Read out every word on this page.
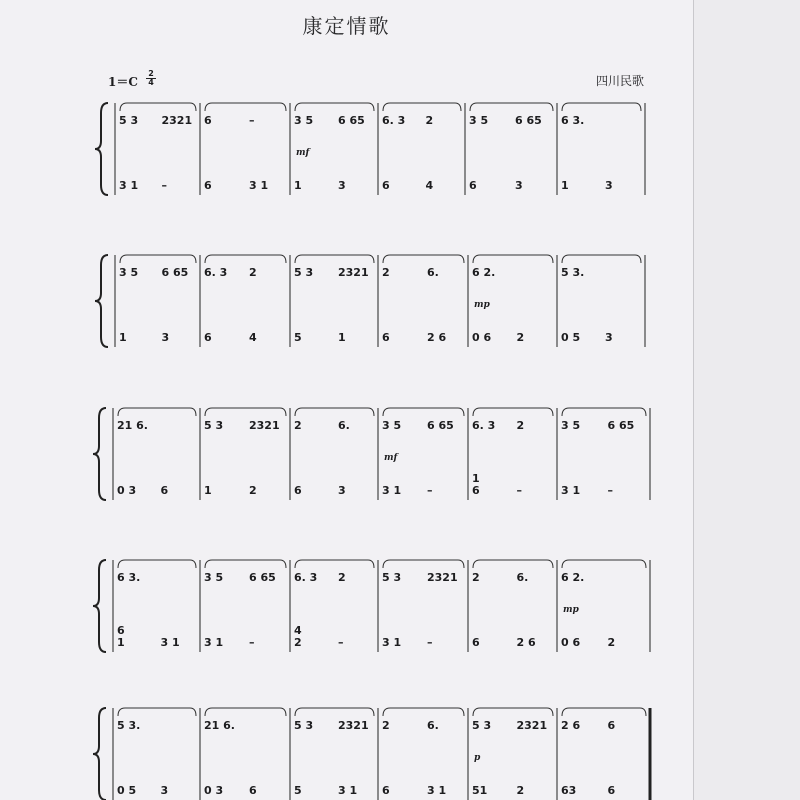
康定情歌
1＝C
2
4	四川民歌
5 3 2321
3 1 –
6	–
6	3 1
3 5 6 65
mf
1	3
6. 3 2
6	4
3 5 6 65
6	3
6 3.
1	3
3 5 6 65
1	3
6. 3 2
6	4
5 3 2321
5	1
2	6.
6	2 6
6 2.
mp
0 6 2
5 3.
0 5 3
21 6.
0 3 6
5 3 2321
1	2
2	6.
6	3
3 5 6 65
mf
3 1 –
6. 3 2
1
6	–
3 5 6 65
3 1 –
6 3.
6
1	3 1
3 5 6 65
3 1 –
6. 3 2
4
2	–
5 3 2321
3 1 –
2	6.
6	2 6
6 2.
mp
0 6 2
5 3.
0 5 3
21 6.
0 3 6
5 3 2321
5	3 1
2	6.
6	3 1
5 3 2321
p
51	2
2 6 6
63	6
